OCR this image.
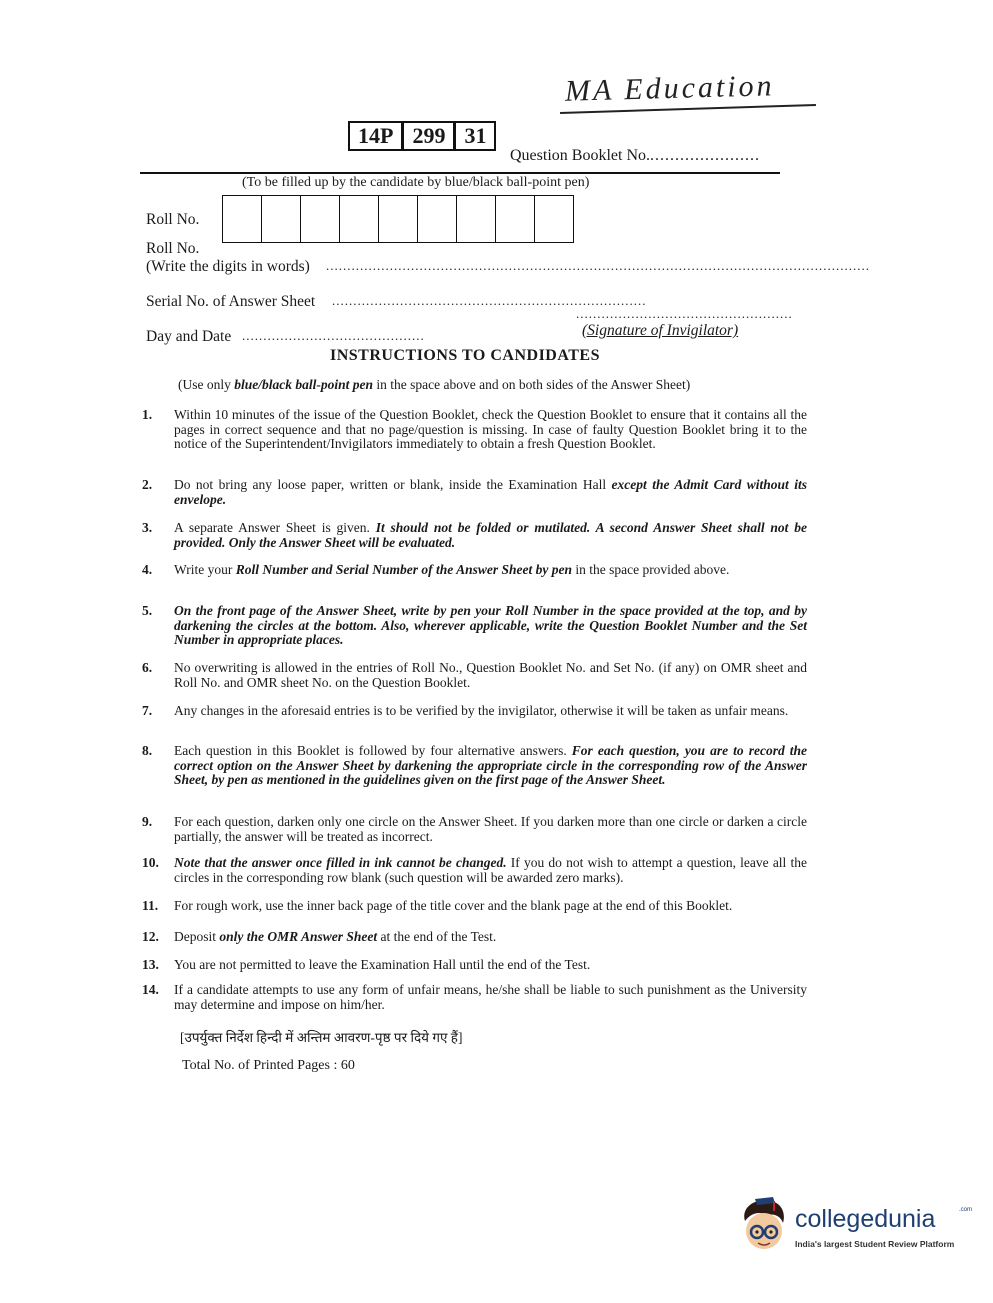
MA Education
14P 299 31
Question Booklet No.......................
(To be filled up by the candidate by blue/black ball-point pen)
Roll No.
Roll No.
(Write the digits in words) ................................................................................................................................
Serial No. of Answer Sheet ..........................................................................
...................................................
Day and Date ...........................................	(Signature of Invigilator)
INSTRUCTIONS TO CANDIDATES
(Use only blue/black ball-point pen in the space above and on both sides of the Answer Sheet)
1.	Within 10 minutes of the issue of the Question Booklet, check the Question Booklet to ensure that it contains all the pages in correct sequence and that no page/question is missing. In case of faulty Question Booklet bring it to the notice of the Superintendent/Invigilators immediately to obtain a fresh Question Booklet.
2.	Do not bring any loose paper, written or blank, inside the Examination Hall except the Admit Card without its envelope.
3.	A separate Answer Sheet is given. It should not be folded or mutilated. A second Answer Sheet shall not be provided. Only the Answer Sheet will be evaluated.
4.	Write your Roll Number and Serial Number of the Answer Sheet by pen in the space provided above.
5.	On the front page of the Answer Sheet, write by pen your Roll Number in the space provided at the top, and by darkening the circles at the bottom. Also, wherever applicable, write the Question Booklet Number and the Set Number in appropriate places.
6.	No overwriting is allowed in the entries of Roll No., Question Booklet No. and Set No. (if any) on OMR sheet and Roll No. and OMR sheet No. on the Question Booklet.
7.	Any changes in the aforesaid entries is to be verified by the invigilator, otherwise it will be taken as unfair means.
8.	Each question in this Booklet is followed by four alternative answers. For each question, you are to record the correct option on the Answer Sheet by darkening the appropriate circle in the corresponding row of the Answer Sheet, by pen as mentioned in the guidelines given on the first page of the Answer Sheet.
9.	For each question, darken only one circle on the Answer Sheet. If you darken more than one circle or darken a circle partially, the answer will be treated as incorrect.
10.	Note that the answer once filled in ink cannot be changed. If you do not wish to attempt a question, leave all the circles in the corresponding row blank (such question will be awarded zero marks).
11.	For rough work, use the inner back page of the title cover and the blank page at the end of this Booklet.
12.	Deposit only the OMR Answer Sheet at the end of the Test.
13.	You are not permitted to leave the Examination Hall until the end of the Test.
14.	If a candidate attempts to use any form of unfair means, he/she shall be liable to such punishment as the University may determine and impose on him/her.
[उपर्युक्त निर्देश हिन्दी में अन्तिम आवरण-पृष्ठ पर दिये गए हैं]
Total No. of Printed Pages : 60
collegedunia	.com
India's largest Student Review Platform
